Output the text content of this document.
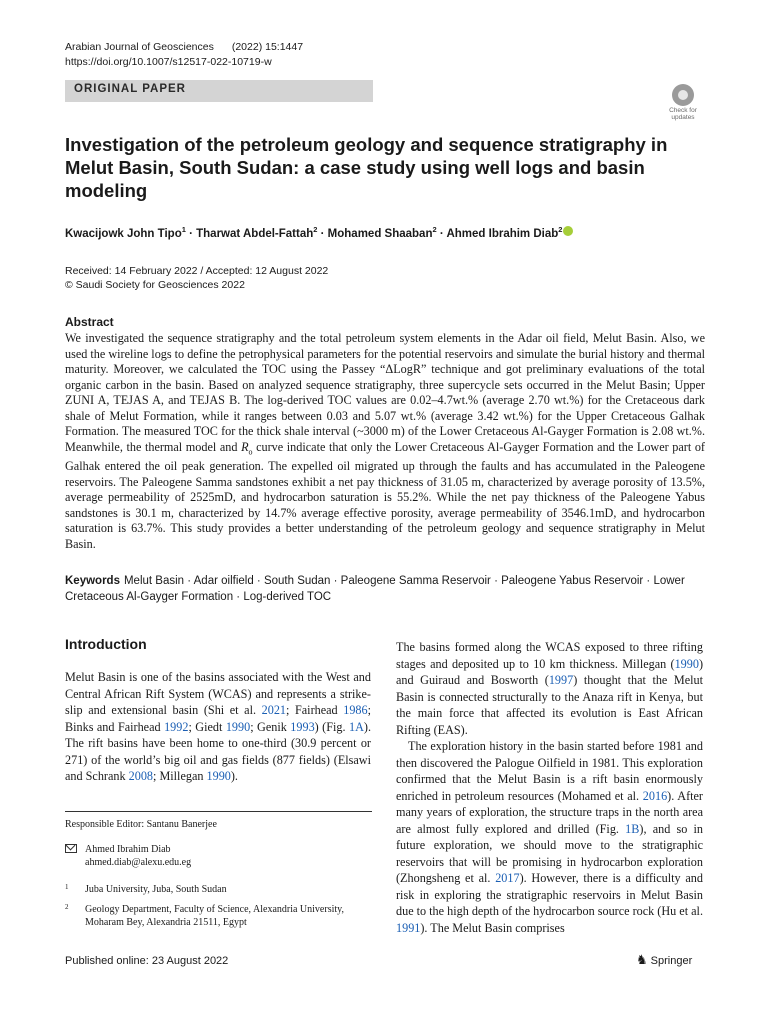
Arabian Journal of Geosciences (2022) 15:1447
https://doi.org/10.1007/s12517-022-10719-w
ORIGINAL PAPER
Check for updates
Investigation of the petroleum geology and sequence stratigraphy in Melut Basin, South Sudan: a case study using well logs and basin modeling
Kwacijowk John Tipo$^1$ · Tharwat Abdel-Fattah$^2$ · Mohamed Shaaban$^2$ · Ahmed Ibrahim Diab$^2$
Received: 14 February 2022 / Accepted: 12 August 2022
© Saudi Society for Geosciences 2022
Abstract

We investigated the sequence stratigraphy and the total petroleum system elements in the Adar oil field, Melut Basin. Also, we used the wireline logs to define the petrophysical parameters for the potential reservoirs and simulate the burial history and thermal maturity. Moreover, we calculated the TOC using the Passey “ΔLogR” technique and got preliminary evaluations of the total organic carbon in the basin. Based on analyzed sequence stratigraphy, three supercycle sets occurred in the Melut Basin; Upper ZUNI A, TEJAS A, and TEJAS B. The log-derived TOC values are 0.02–4.7wt.% (average 2.70 wt.%) for the Cretaceous dark shale of Melut Formation, while it ranges between 0.03 and 5.07 wt.% (average 3.42 wt.%) for the Upper Cretaceous Galhak Formation. The measured TOC for the thick shale interval (~3000 m) of the Lower Cretaceous Al-Gayger Formation is 2.08 wt.%. Meanwhile, the thermal model and $R_o$ curve indicate that only the Lower Cretaceous Al-Gayger Formation and the Lower part of Galhak entered the oil peak generation. The expelled oil migrated up through the faults and has accumulated in the Paleogene reservoirs. The Paleogene Samma sandstones exhibit a net pay thickness of 31.05 m, characterized by average porosity of 13.5%, average permeability of 2525mD, and hydrocarbon saturation is 55.2%. While the net pay thickness of the Paleogene Yabus sandstones is 30.1 m, characterized by 14.7% average effective porosity, average permeability of 3546.1mD, and hydrocarbon saturation is 63.7%. This study provides a better understanding of the petroleum geology and sequence stratigraphy in Melut Basin.

Keywords Melut Basin · Adar oilfield · South Sudan · Paleogene Samma Reservoir · Paleogene Yabus Reservoir · Lower Cretaceous Al-Gayger Formation · Log-derived TOC

Introduction

Melut Basin is one of the basins associated with the West and Central African Rift System (WCAS) and represents a strike-slip and extensional basin (Shi et al. 2021; Fairhead 1986; Binks and Fairhead 1992; Giedt 1990; Genik 1993) (Fig. 1A). The rift basins have been home to one-third (30.9 percent or 271) of the world’s big oil and gas fields (877 fields) (Elsawi and Schrank 2008; Millegan 1990).

The basins formed along the WCAS exposed to three rifting stages and deposited up to 10 km thickness. Millegan (1990) and Guiraud and Bosworth (1997) thought that the Melut Basin is connected structurally to the Anaza rift in Kenya, but the main force that affected its evolution is East African Rifting (EAS).

The exploration history in the basin started before 1981 and then discovered the Palogue Oilfield in 1981. This exploration confirmed that the Melut Basin is a rift basin enormously enriched in petroleum resources (Mohamed et al. 2016). After many years of exploration, the structure traps in the north area are almost fully explored and drilled (Fig. 1B), and so in future exploration, we should move to the stratigraphic reservoirs that will be promising in hydrocarbon exploration (Zhongsheng et al. 2017). However, there is a difficulty and risk in exploring the stratigraphic reservoirs in Melut Basin due to the high depth of the hydrocarbon source rock (Hu et al. 1991). The Melut Basin comprises

Responsible Editor: Santanu Banerjee
Ahmed Ibrahim Diab
ahmed.diab@alexu.edu.eg
1 Juba University, Juba, South Sudan
2 Geology Department, Faculty of Science, Alexandria University, Moharam Bey, Alexandria 21511, Egypt
Published online: 23 August 2022	♞ Springer
